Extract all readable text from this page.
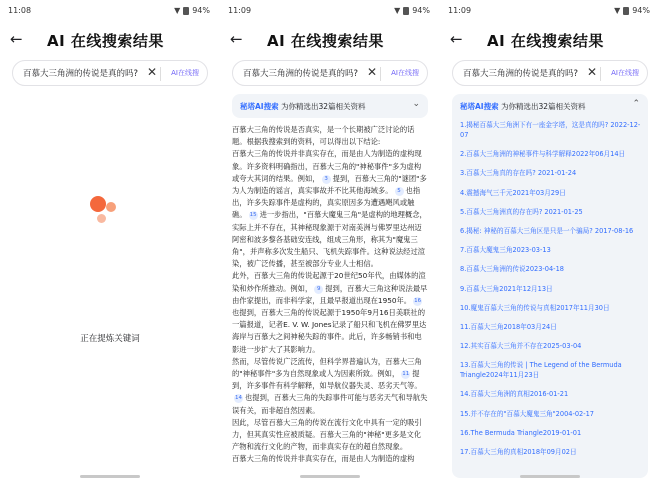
11:08	▼ 94%
← AI 在线搜索结果
百慕大三角洲的传说是真的吗? ✕ AI在线搜
正在提炼关键词
11:09	▼ 94%
← AI 在线搜索结果
百慕大三角洲的传说是真的吗? ✕ AI在线搜
秘塔AI搜索 为你精选出32篇相关资料	⌄

百慕大三角的传说是否真实，是一个长期被广泛讨论的话题。根据我搜索到的资料，可以得出以下结论:

百慕大三角的传说并非真实存在，而是由人为制造的虚构现象。许多资料明确指出，百慕大三角的"神秘事件"多为虚构或夸大其词的结果。例如， 3 提到，百慕大三角的"谜团"多为人为制造的谣言，真实事故并不比其他海域多。 5 也指出，许多失踪事件是虚构的，真实原因多为遭遇飓风或触礁。 15 进一步指出，"百慕大魔鬼三角"是虚构的地理概念，实际上并不存在，其神秘现象源于对南美洲与佛罗里达州迈阿密和波多黎各基础安连线，组成三角形，称其为"魔鬼三角"，并声称多次发生船只、飞机失踪事件。这种说法经过渲染，被广泛传播，甚至被部分专业人士相信。

此外，百慕大三角的传说起源于20世纪50年代，由媒体的渲染和炒作所推动。例如， 9 提到，百慕大三角这种说法最早由作家提出，而非科学家，且最早报道出现在1950年。 16也提到，百慕大三角的传说起源于1950年9月16日美联社的一篇报道，记者E. V. W. Jones记录了船只和飞机在佛罗里达海岸与百慕大之间神秘失踪的事件。此后，许多畅销书和电影进一步扩大了其影响力。

然而，尽管传说广泛流传，但科学界普遍认为，百慕大三角的"神秘事件"多为自然现象或人为因素所致。例如， 11 提到，许多事件有科学解释，如导航仪器失灵、恶劣天气等。14 也提到，百慕大三角的失踪事件可能与恶劣天气和导航失误有关，而非超自然因素。

因此，尽管百慕大三角的传说在流行文化中具有一定的吸引力，但其真实性应被质疑。百慕大三角的"神秘"更多是文化产物和流行文化的产物，而非真实存在的超自然现象。

百慕大三角的传说并非真实存在，而是由人为制造的虚构

11:09	▼ 94%
← AI 在线搜索结果
百慕大三角洲的传说是真的吗? ✕ AI在线搜
秘塔AI搜索 为你精选出32篇相关资料	⌃
1.揭秘百慕大三角洲下有一座金字塔，这是真的吗? 2022-12-07
2.百慕大三角洲的神秘事件与科学解释2022年06月14日
3.百慕大三角真的存在吗? 2021-01-24
4.震撼海气三千元2021年03月29日
5.百慕大三角洲真的存在吗? 2021-01-25
6.揭秘: 神秘的百慕大三角区是只是一个骗局? 2017-08-16
7.百慕大魔鬼三角2023-03-13
8.百慕大三角洲的传说2023-04-18
9.百慕大三角2021年12月13日
10.魔鬼百慕大三角的传说与真相2017年11月30日
11.百慕大三角2018年03月24日
12.其实百慕大三角并不存在2025-03-04
13.百慕大三角的传说 | The Legend of the Bermuda Triangle2024年11月23日
14.百慕大三角洲的真相2016-01-21
15.并不存在的"百慕大魔鬼三角"2004-02-17
16.The Bermuda Triangle2019-01-01
17.百慕大三角的真相2018年09月02日
